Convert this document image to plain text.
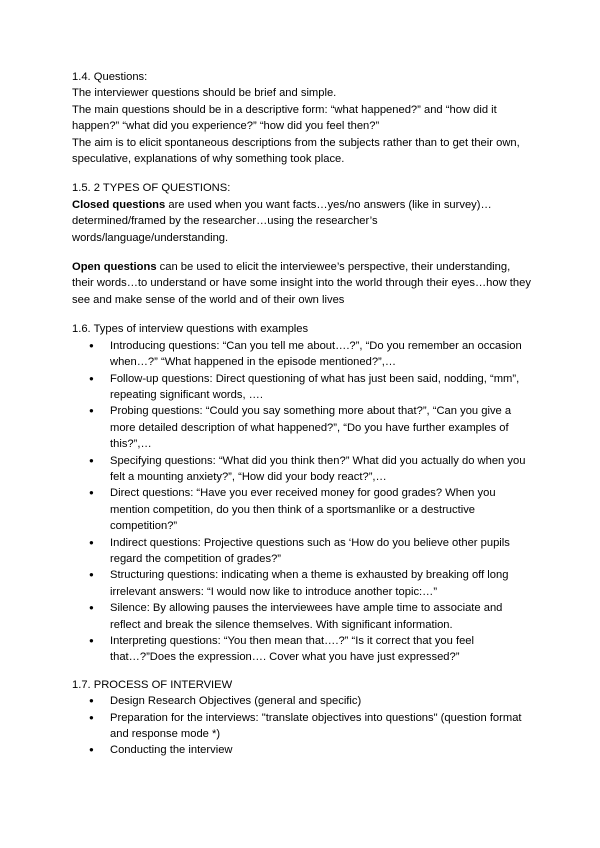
1.4. Questions:

The interviewer questions should be brief and simple.

The main questions should be in a descriptive form: “what happened?” and “how did it happen?” “what did you experience?” “how did you feel then?”

The aim is to elicit spontaneous descriptions from the subjects rather than to get their own, speculative, explanations of why something took place.

1.5. 2 TYPES OF QUESTIONS:

Closed questions are used when you want facts…yes/no answers (like in survey)…determined/framed by the researcher…using the researcher’s words/language/understanding.

Open questions can be used to elicit the interviewee’s perspective, their understanding, their words…to understand or have some insight into the world through their eyes…how they see and make sense of the world and of their own lives

1.6. Types of interview questions with examples

● Introducing questions: “Can you tell me about….?”, “Do you remember an occasion when…?” “What happened in the episode mentioned?”,…
● Follow-up questions: Direct questioning of what has just been said, nodding, “mm”, repeating significant words, ….
● Probing questions: “Could you say something more about that?”, “Can you give a more detailed description of what happened?”, “Do you have further examples of this?”,…
● Specifying questions: “What did you think then?” What did you actually do when you felt a mounting anxiety?”, “How did your body react?”,…
● Direct questions: “Have you ever received money for good grades? When you mention competition, do you then think of a sportsmanlike or a destructive competition?”
● Indirect questions: Projective questions such as ‘How do you believe other pupils regard the competition of grades?”
● Structuring questions: indicating when a theme is exhausted by breaking off long irrelevant answers: “I would now like to introduce another topic:…”
● Silence: By allowing pauses the interviewees have ample time to associate and reflect and break the silence themselves. With significant information.
● Interpreting questions: “You then mean that….?” “Is it correct that you feel that…?”Does the expression…. Cover what you have just expressed?”

1.7. PROCESS OF INTERVIEW

● Design Research Objectives (general and specific)
● Preparation for the interviews: "translate objectives into questions" (question format and response mode *)
● Conducting the interview
